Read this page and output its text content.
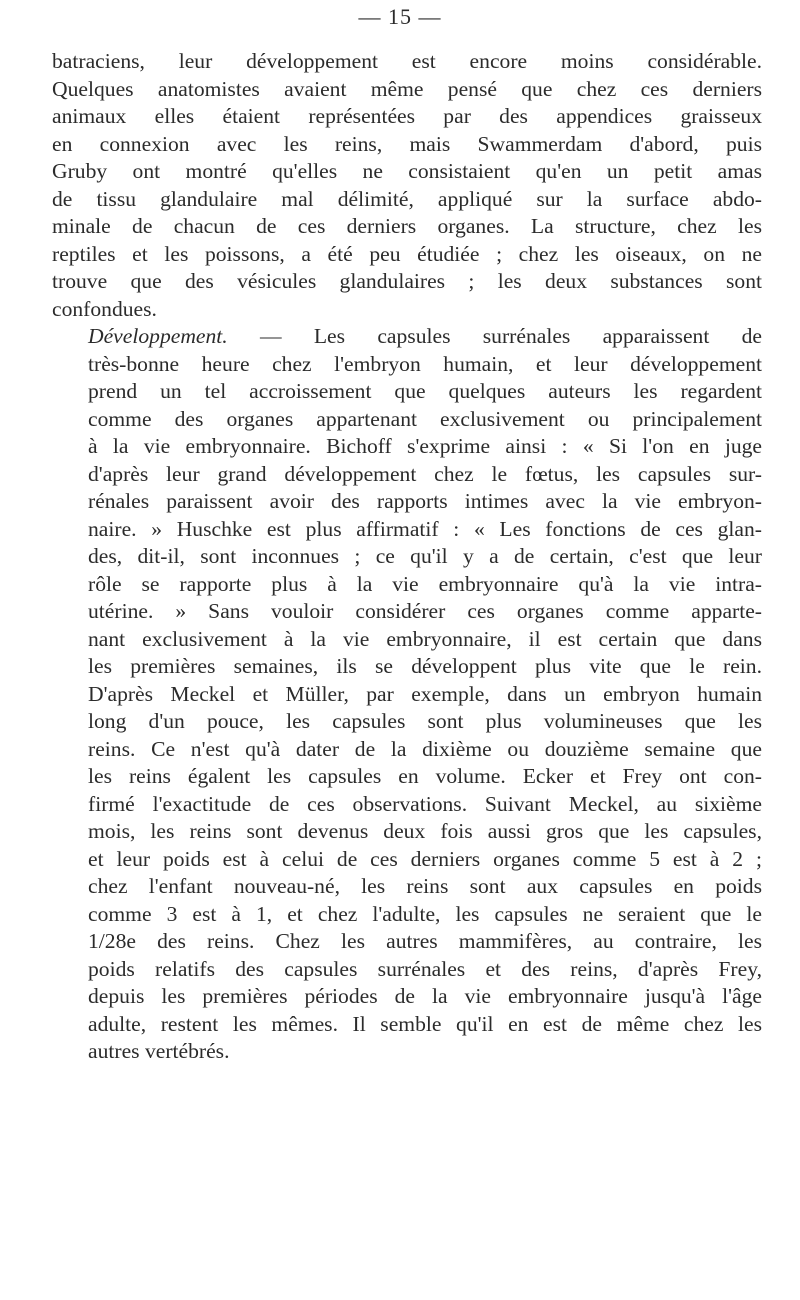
— 15 —

batraciens, leur développement est encore moins considérable.
Quelques anatomistes avaient même pensé que chez ces derniers
animaux elles étaient représentées par des appendices graisseux
en connexion avec les reins, mais Swammerdam d'abord, puis
Gruby ont montré qu'elles ne consistaient qu'en un petit amas
de tissu glandulaire mal délimité, appliqué sur la surface abdo-
minale de chacun de ces derniers organes. La structure, chez les
reptiles et les poissons, a été peu étudiée ; chez les oiseaux, on ne
trouve que des vésicules glandulaires ; les deux substances sont
confondues.

Développement. — Les capsules surrénales apparaissent de
très-bonne heure chez l'embryon humain, et leur développement
prend un tel accroissement que quelques auteurs les regardent
comme des organes appartenant exclusivement ou principalement
à la vie embryonnaire. Bichoff s'exprime ainsi : « Si l'on en juge
d'après leur grand développement chez le fœtus, les capsules sur-
rénales paraissent avoir des rapports intimes avec la vie embryon-
naire. » Huschke est plus affirmatif : « Les fonctions de ces glan-
des, dit-il, sont inconnues ; ce qu'il y a de certain, c'est que leur
rôle se rapporte plus à la vie embryonnaire qu'à la vie intra-
utérine. » Sans vouloir considérer ces organes comme apparte-
nant exclusivement à la vie embryonnaire, il est certain que dans
les premières semaines, ils se développent plus vite que le rein.
D'après Meckel et Müller, par exemple, dans un embryon humain
long d'un pouce, les capsules sont plus volumineuses que les
reins. Ce n'est qu'à dater de la dixième ou douzième semaine que
les reins égalent les capsules en volume. Ecker et Frey ont con-
firmé l'exactitude de ces observations. Suivant Meckel, au sixième
mois, les reins sont devenus deux fois aussi gros que les capsules,
et leur poids est à celui de ces derniers organes comme 5 est à 2 ;
chez l'enfant nouveau-né, les reins sont aux capsules en poids
comme 3 est à 1, et chez l'adulte, les capsules ne seraient que le
1/28e des reins. Chez les autres mammifères, au contraire, les
poids relatifs des capsules surrénales et des reins, d'après Frey,
depuis les premières périodes de la vie embryonnaire jusqu'à l'âge
adulte, restent les mêmes. Il semble qu'il en est de même chez les
autres vertébrés.
